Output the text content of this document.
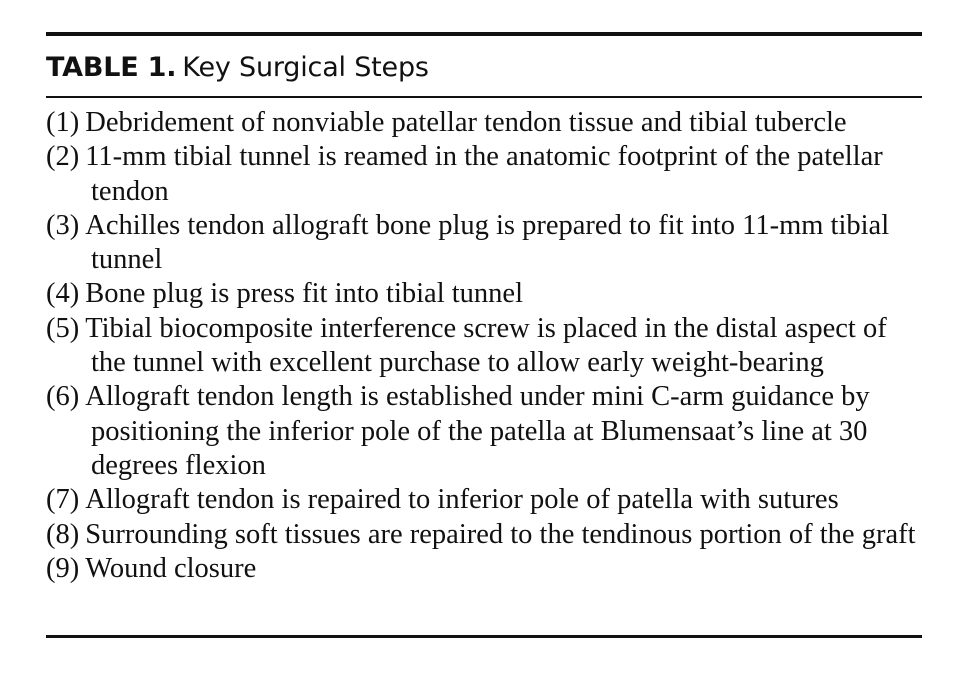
TABLE 1. Key Surgical Steps
(1) Debridement of nonviable patellar tendon tissue and tibial tubercle
(2) 11-mm tibial tunnel is reamed in the anatomic footprint of the patellar tendon
(3) Achilles tendon allograft bone plug is prepared to fit into 11-mm tibial tunnel
(4) Bone plug is press fit into tibial tunnel
(5) Tibial biocomposite interference screw is placed in the distal aspect of the tunnel with excellent purchase to allow early weight-bearing
(6) Allograft tendon length is established under mini C-arm guidance by positioning the inferior pole of the patella at Blumensaat’s line at 30 degrees flexion
(7) Allograft tendon is repaired to inferior pole of patella with sutures
(8) Surrounding soft tissues are repaired to the tendinous portion of the graft
(9) Wound closure
